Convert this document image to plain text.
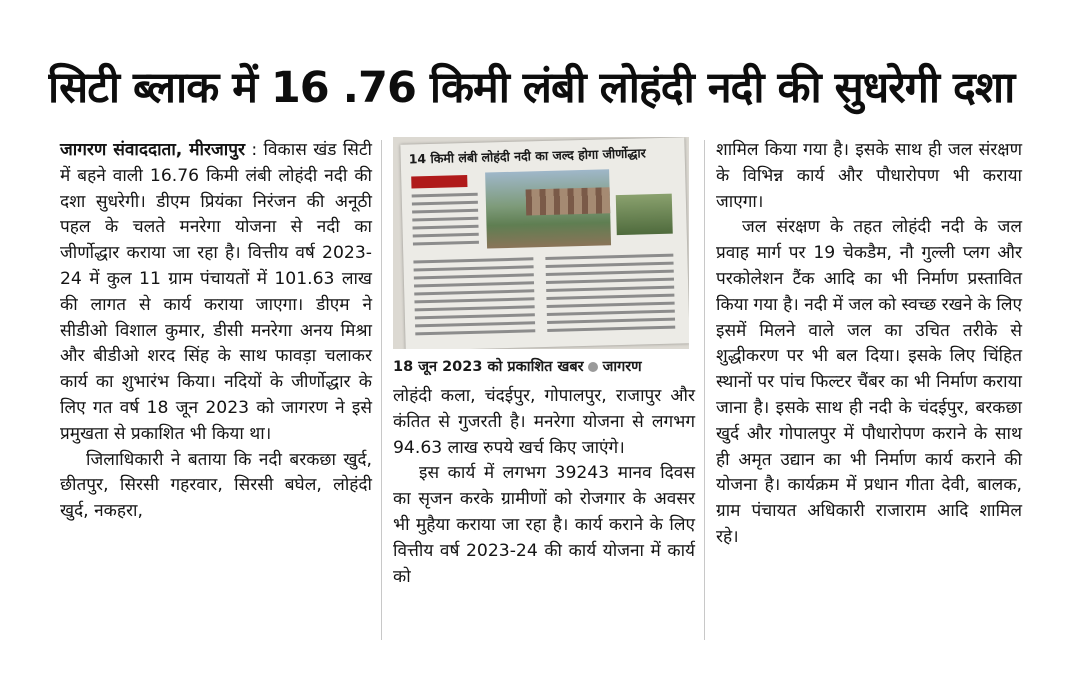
सिटी ब्लाक में 16 .76 किमी लंबी लोहंदी नदी की सुधरेगी दशा

जागरण संवाददाता, मीरजापुर : विकास खंड सिटी में बहने वाली 16.76 किमी लंबी लोहंदी नदी की दशा सुधरेगी। डीएम प्रियंका निरंजन की अनूठी पहल के चलते मनरेगा योजना से नदी का जीर्णोद्धार कराया जा रहा है। वित्तीय वर्ष 2023-24 में कुल 11 ग्राम पंचायतों में 101.63 लाख की लागत से कार्य कराया जाएगा। डीएम ने सीडीओ विशाल कुमार, डीसी मनरेगा अनय मिश्रा और बीडीओ शरद सिंह के साथ फावड़ा चलाकर कार्य का शुभारंभ किया। नदियों के जीर्णोद्धार के लिए गत वर्ष 18 जून 2023 को जागरण ने इसे प्रमुखता से प्रकाशित भी किया था।

जिलाधिकारी ने बताया कि नदी बरकछा खुर्द, छीतपुर, सिरसी गहरवार, सिरसी बघेल, लोहंदी खुर्द, नकहरा,

14 किमी लंबी लोहंदी नदी का जल्द होगा जीर्णोद्धार
18 जून 2023 को प्रकाशित खबर जागरण

लोहंदी कला, चंदईपुर, गोपालपुर, राजापुर और कंतित से गुजरती है। मनरेगा योजना से लगभग 94.63 लाख रुपये खर्च किए जाएंगे।

इस कार्य में लगभग 39243 मानव दिवस का सृजन करके ग्रामीणों को रोजगार के अवसर भी मुहैया कराया जा रहा है। कार्य कराने के लिए वित्तीय वर्ष 2023-24 की कार्य योजना में कार्य को

शामिल किया गया है। इसके साथ ही जल संरक्षण के विभिन्न कार्य और पौधारोपण भी कराया जाएगा।

जल संरक्षण के तहत लोहंदी नदी के जल प्रवाह मार्ग पर 19 चेकडैम, नौ गुल्ली प्लग और परकोलेशन टैंक आदि का भी निर्माण प्रस्तावित किया गया है। नदी में जल को स्वच्छ रखने के लिए इसमें मिलने वाले जल का उचित तरीके से शुद्धीकरण पर भी बल दिया। इसके लिए चिंहित स्थानों पर पांच फिल्टर चैंबर का भी निर्माण कराया जाना है। इसके साथ ही नदी के चंदईपुर, बरकछा खुर्द और गोपालपुर में पौधारोपण कराने के साथ ही अमृत उद्यान का भी निर्माण कार्य कराने की योजना है। कार्यक्रम में प्रधान गीता देवी, बालक, ग्राम पंचायत अधिकारी राजाराम आदि शामिल रहे।
